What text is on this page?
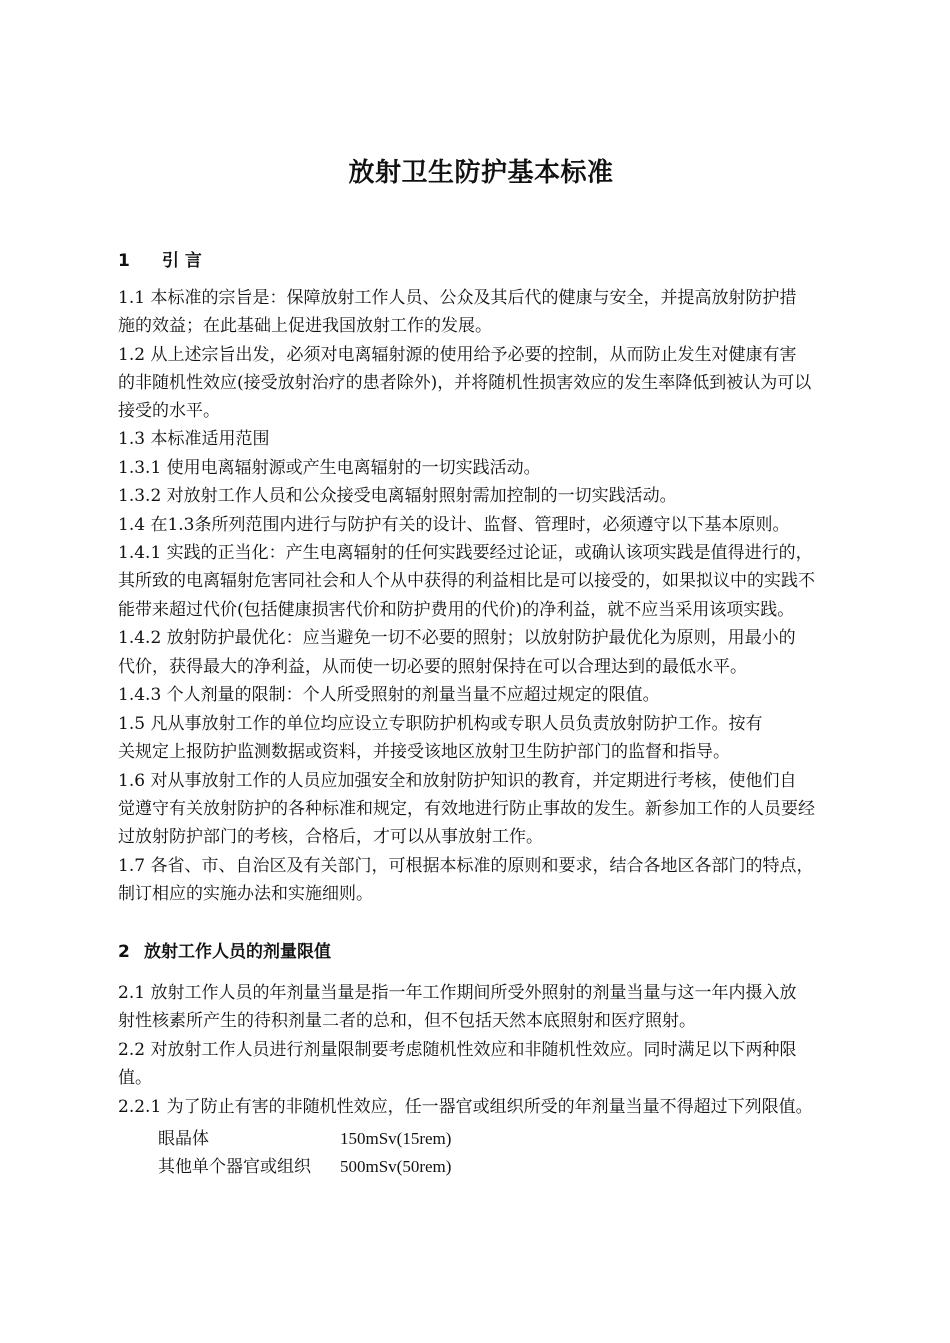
放射卫生防护基本标准
1 引 言
1.1 本标准的宗旨是：保障放射工作人员、公众及其后代的健康与安全，并提高放射防护措
施的效益；在此基础上促进我国放射工作的发展。
1.2 从上述宗旨出发，必须对电离辐射源的使用给予必要的控制，从而防止发生对健康有害
的非随机性效应(接受放射治疗的患者除外)，并将随机性损害效应的发生率降低到被认为可以
接受的水平。
1.3 本标准适用范围
1.3.1 使用电离辐射源或产生电离辐射的一切实践活动。
1.3.2 对放射工作人员和公众接受电离辐射照射需加控制的一切实践活动。
1.4 在1.3条所列范围内进行与防护有关的设计、监督、管理时，必须遵守以下基本原则。
1.4.1 实践的正当化：产生电离辐射的任何实践要经过论证，或确认该项实践是值得进行的，
其所致的电离辐射危害同社会和人个从中获得的利益相比是可以接受的，如果拟议中的实践不
能带来超过代价(包括健康损害代价和防护费用的代价)的净利益，就不应当采用该项实践。
1.4.2 放射防护最优化：应当避免一切不必要的照射；以放射防护最优化为原则，用最小的
代价，获得最大的净利益，从而使一切必要的照射保持在可以合理达到的最低水平。
1.4.3 个人剂量的限制：个人所受照射的剂量当量不应超过规定的限值。
1.5 凡从事放射工作的单位均应设立专职防护机构或专职人员负责放射防护工作。按有
关规定上报防护监测数据或资料，并接受该地区放射卫生防护部门的监督和指导。
1.6 对从事放射工作的人员应加强安全和放射防护知识的教育，并定期进行考核，使他们自
觉遵守有关放射防护的各种标准和规定，有效地进行防止事故的发生。新参加工作的人员要经
过放射防护部门的考核，合格后，才可以从事放射工作。
1.7 各省、市、自治区及有关部门，可根据本标准的原则和要求，结合各地区各部门的特点，
制订相应的实施办法和实施细则。
2 放射工作人员的剂量限值
2.1 放射工作人员的年剂量当量是指一年工作期间所受外照射的剂量当量与这一年内摄入放
射性核素所产生的待积剂量二者的总和，但不包括天然本底照射和医疗照射。
2.2 对放射工作人员进行剂量限制要考虑随机性效应和非随机性效应。同时满足以下两种限
值。
2.2.1 为了防止有害的非随机性效应，任一器官或组织所受的年剂量当量不得超过下列限值。
眼晶体	150mSv(15rem)
其他单个器官或组织 500mSv(50rem)
